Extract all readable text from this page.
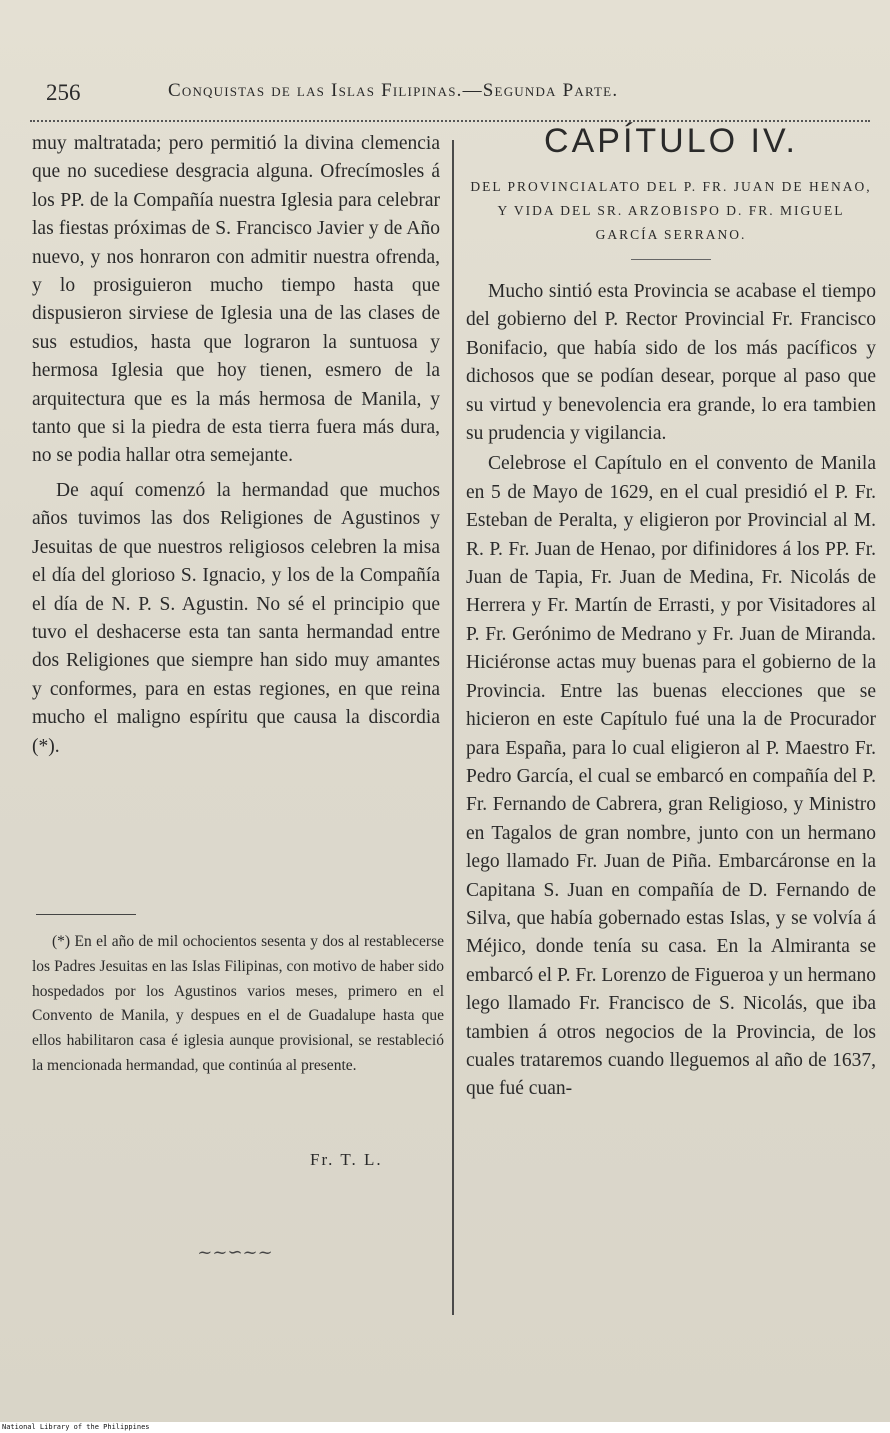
256	Conquistas de las Islas Filipinas.—Segunda Parte.

muy maltratada; pero permitió la divina clemencia que no sucediese desgracia alguna. Ofrecímosles á los PP. de la Compañía nuestra Iglesia para celebrar las fiestas próximas de S. Francisco Javier y de Año nuevo, y nos honraron con admitir nuestra ofrenda, y lo prosiguieron mucho tiempo hasta que dispusieron sirviese de Iglesia una de las clases de sus estudios, hasta que lograron la suntuosa y hermosa Iglesia que hoy tienen, esmero de la arquitectura que es la más hermosa de Manila, y tanto que si la piedra de esta tierra fuera más dura, no se podia hallar otra semejante.

De aquí comenzó la hermandad que muchos años tuvimos las dos Religiones de Agustinos y Jesuitas de que nuestros religiosos celebren la misa el día del glorioso S. Ignacio, y los de la Compañía el día de N. P. S. Agustin. No sé el principio que tuvo el deshacerse esta tan santa hermandad entre dos Religiones que siempre han sido muy amantes y conformes, para en estas regiones, en que reina mucho el maligno espíritu que causa la discordia (*).

(*) En el año de mil ochocientos sesenta y dos al restablecerse los Padres Jesuitas en las Islas Filipinas, con motivo de haber sido hospedados por los Agustinos varios meses, primero en el Convento de Manila, y despues en el de Guadalupe hasta que ellos habilitaron casa é iglesia aunque provisional, se restableció la mencionada hermandad, que continúa al presente.

Fr. T. L.
~~∽~~
CAPÍTULO IV.

DEL PROVINCIALATO DEL P. FR. JUAN DE HENAO, Y VIDA DEL SR. ARZOBISPO D. FR. MIGUEL GARCÍA SERRANO.

Mucho sintió esta Provincia se acabase el tiempo del gobierno del P. Rector Provincial Fr. Francisco Bonifacio, que había sido de los más pacíficos y dichosos que se podían desear, porque al paso que su virtud y benevolencia era grande, lo era tambien su prudencia y vigilancia.

Celebrose el Capítulo en el convento de Manila en 5 de Mayo de 1629, en el cual presidió el P. Fr. Esteban de Peralta, y eligieron por Provincial al M. R. P. Fr. Juan de Henao, por difinidores á los PP. Fr. Juan de Tapia, Fr. Juan de Medina, Fr. Nicolás de Herrera y Fr. Martín de Errasti, y por Visitadores al P. Fr. Gerónimo de Medrano y Fr. Juan de Miranda. Hiciéronse actas muy buenas para el gobierno de la Provincia. Entre las buenas elecciones que se hicieron en este Capítulo fué una la de Procurador para España, para lo cual eligieron al P. Maestro Fr. Pedro García, el cual se embarcó en compañía del P. Fr. Fernando de Cabrera, gran Religioso, y Ministro en Tagalos de gran nombre, junto con un hermano lego llamado Fr. Juan de Piña. Embarcáronse en la Capitana S. Juan en compañía de D. Fernando de Silva, que había gobernado estas Islas, y se volvía á Méjico, donde tenía su casa. En la Almiranta se embarcó el P. Fr. Lorenzo de Figueroa y un hermano lego llamado Fr. Francisco de S. Nicolás, que iba tambien á otros negocios de la Provincia, de los cuales trataremos cuando lleguemos al año de 1637, que fué cuan-

National Library of the Philippines
